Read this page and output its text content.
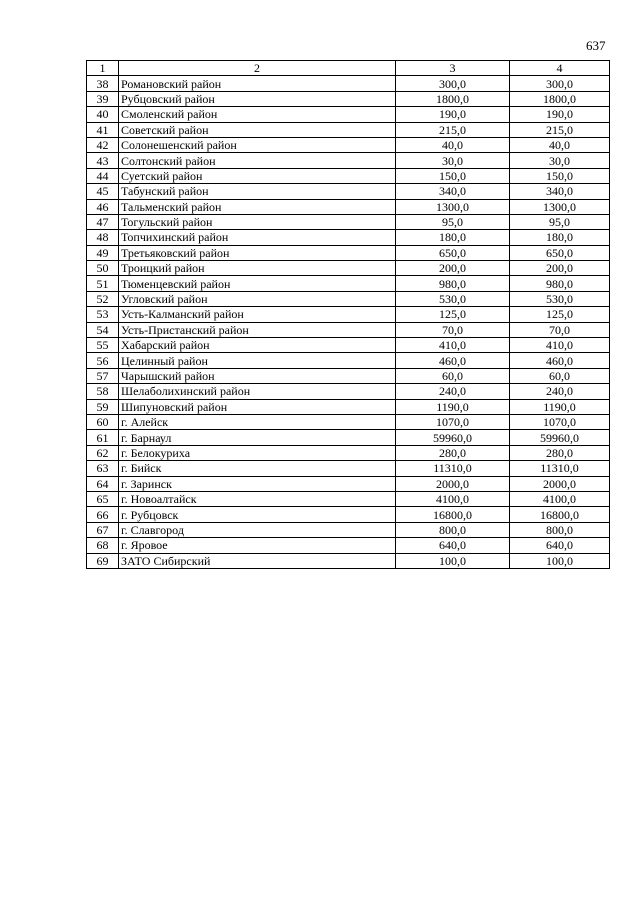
637
1	2	3	4
38	Романовский район	300,0	300,0
39	Рубцовский район	1800,0	1800,0
40	Смоленский район	190,0	190,0
41	Советский район	215,0	215,0
42	Солонешенский район	40,0	40,0
43	Солтонский район	30,0	30,0
44	Суетский район	150,0	150,0
45	Табунский район	340,0	340,0
46	Тальменский район	1300,0	1300,0
47	Тогульский район	95,0	95,0
48	Топчихинский район	180,0	180,0
49	Третьяковский район	650,0	650,0
50	Троицкий район	200,0	200,0
51	Тюменцевский район	980,0	980,0
52	Угловский район	530,0	530,0
53	Усть-Калманский район	125,0	125,0
54	Усть-Пристанский район	70,0	70,0
55	Хабарский район	410,0	410,0
56	Целинный район	460,0	460,0
57	Чарышский район	60,0	60,0
58	Шелаболихинский район	240,0	240,0
59	Шипуновский район	1190,0	1190,0
60	г. Алейск	1070,0	1070,0
61	г. Барнаул	59960,0	59960,0
62	г. Белокуриха	280,0	280,0
63	г. Бийск	11310,0	11310,0
64	г. Заринск	2000,0	2000,0
65	г. Новоалтайск	4100,0	4100,0
66	г. Рубцовск	16800,0	16800,0
67	г. Славгород	800,0	800,0
68	г. Яровое	640,0	640,0
69	ЗАТО Сибирский	100,0	100,0
